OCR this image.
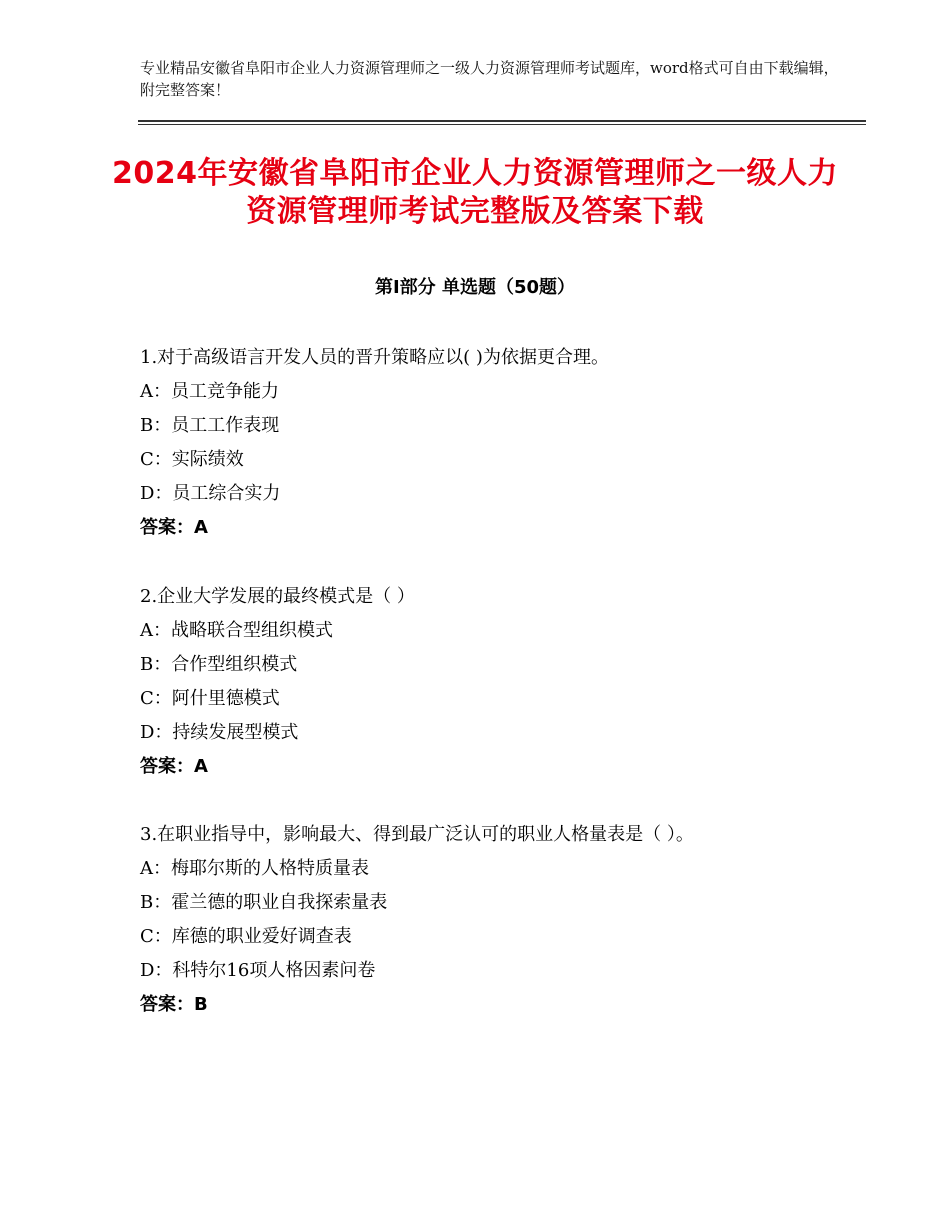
专业精品安徽省阜阳市企业人力资源管理师之一级人力资源管理师考试题库，word格式可自由下载编辑，附完整答案！
2024年安徽省阜阳市企业人力资源管理师之一级人力资源管理师考试完整版及答案下载
第Ⅰ部分 单选题（50题）
1.对于高级语言开发人员的晋升策略应以( )为依据更合理。
A：员工竞争能力
B：员工工作表现
C：实际绩效
D：员工综合实力
答案：A
2.企业大学发展的最终模式是（ ）
A：战略联合型组织模式
B：合作型组织模式
C：阿什里德模式
D：持续发展型模式
答案：A
3.在职业指导中，影响最大、得到最广泛认可的职业人格量表是（ ）。
A：梅耶尔斯的人格特质量表
B：霍兰德的职业自我探索量表
C：库德的职业爱好调查表
D：科特尔16项人格因素问卷
答案：B
